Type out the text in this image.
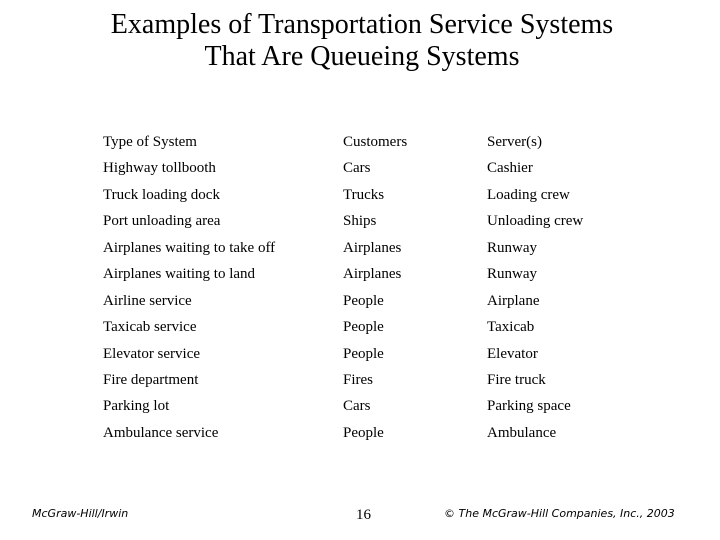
Examples of Transportation Service Systems
That Are Queueing Systems
Type of System	Customers	Server(s)
Highway tollbooth	Cars	Cashier
Truck loading dock	Trucks	Loading crew
Port unloading area	Ships	Unloading crew
Airplanes waiting to take off	Airplanes	Runway
Airplanes waiting to land	Airplanes	Runway
Airline service	People	Airplane
Taxicab service	People	Taxicab
Elevator service	People	Elevator
Fire department	Fires	Fire truck
Parking lot	Cars	Parking space
Ambulance service	People	Ambulance
McGraw-Hill/Irwin	16	© The McGraw-Hill Companies, Inc., 2003
